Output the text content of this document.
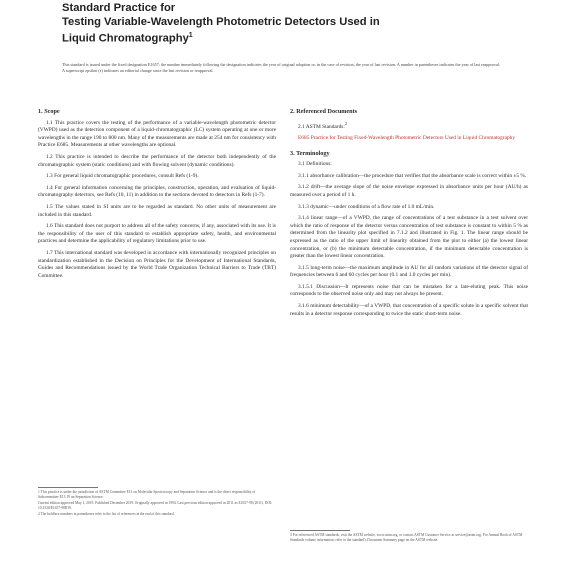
Standard Practice for
Testing Variable-Wavelength Photometric Detectors Used in
Liquid Chromatography$^1$
This standard is issued under the fixed designation E1657; the number immediately following the designation indicates the year of original adoption or, in the case of revision, the year of last revision. A number in parentheses indicates the year of last reapproval. A superscript epsilon (ε) indicates an editorial change since the last revision or reapproval.
1. Scope

1.1 This practice covers the testing of the performance of a variable-wavelength photometric detector (VWPD) used as the detection component of a liquid-chromatographic (LC) system operating at one or more wavelengths in the range 190 to 800 nm. Many of the measurements are made at 254 nm for consistency with Practice E685. Measurements at other wavelengths are optional.

1.2 This practice is intended to describe the performance of the detector both independently of the chromatographic system (static conditions) and with flowing solvent (dynamic conditions).

1.3 For general liquid chromatographic procedures, consult Refs (1-9).

1.4 For general information concerning the principles, construction, operation, and evaluation of liquid-chromatography detectors, see Refs (10, 11) in addition to the sections devoted to detectors in Refs (1-7).

1.5 The values stated in SI units are to be regarded as standard. No other units of measurement are included in this standard.

1.6 This standard does not purport to address all of the safety concerns, if any, associated with its use. It is the responsibility of the user of this standard to establish appropriate safety, health, and environmental practices and determine the applicability of regulatory limitations prior to use.

1.7 This international standard was developed in accordance with internationally recognized principles on standardization established in the Decision on Principles for the Development of International Standards, Guides and Recommendations issued by the World Trade Organization Technical Barriers to Trade (TBT) Committee.

2. Referenced Documents

2.1 ASTM Standards:$^2$

E685 Practice for Testing Fixed-Wavelength Photometric Detectors Used in Liquid Chromatography

3. Terminology

3.1 Definitions:

3.1.1 absorbance calibration—the procedure that verifies that the absorbance scale is correct within ±5 %.

3.1.2 drift—the average slope of the noise envelope expressed in absorbance units per hour (AU/h) as measured over a period of 1 h.

3.1.3 dynamic—under conditions of a flow rate of 1.0 mL/min.

3.1.4 linear range—of a VWPD, the range of concentrations of a test substance in a test solvent over which the ratio of response of the detector versus concentration of test substance is constant to within 5 % as determined from the linearity plot specified in 7.1.2 and illustrated in Fig. 1. The linear range should be expressed as the ratio of the upper limit of linearity obtained from the plot to either (a) the lowest linear concentration, or (b) the minimum detectable concentration, if the minimum detectable concentration is greater than the lowest linear concentration.

3.1.5 long-term noise—the maximum amplitude in AU for all random variations of the detector signal of frequencies between 6 and 60 cycles per hour (0.1 and 1.0 cycles per min).

3.1.5.1 Discussion—It represents noise that can be mistaken for a late-eluting peak. This noise corresponds to the observed noise only and may not always be present.

3.1.6 minimum detectability—of a VWPD, that concentration of a specific solute in a specific solvent that results in a detector response corresponding to twice the static short-term noise.

1 This practice is under the jurisdiction of ASTM Committee E13 on Molecular Spectroscopy and Separation Science and is the direct responsibility of Subcommittee E13.19 on Separation Science.

Current edition approved May 1, 2019. Published December 2019. Originally approved in 1994. Last previous edition approved in 2011 as E1657-98 (2011). DOI: 10.1520/E1657-98R19.

2 The boldface numbers in parentheses refer to the list of references at the end of this standard.

3 For referenced ASTM standards, visit the ASTM website, www.astm.org, or contact ASTM Customer Service at service@astm.org. For Annual Book of ASTM Standards volume information, refer to the standard's Document Summary page on the ASTM website.
